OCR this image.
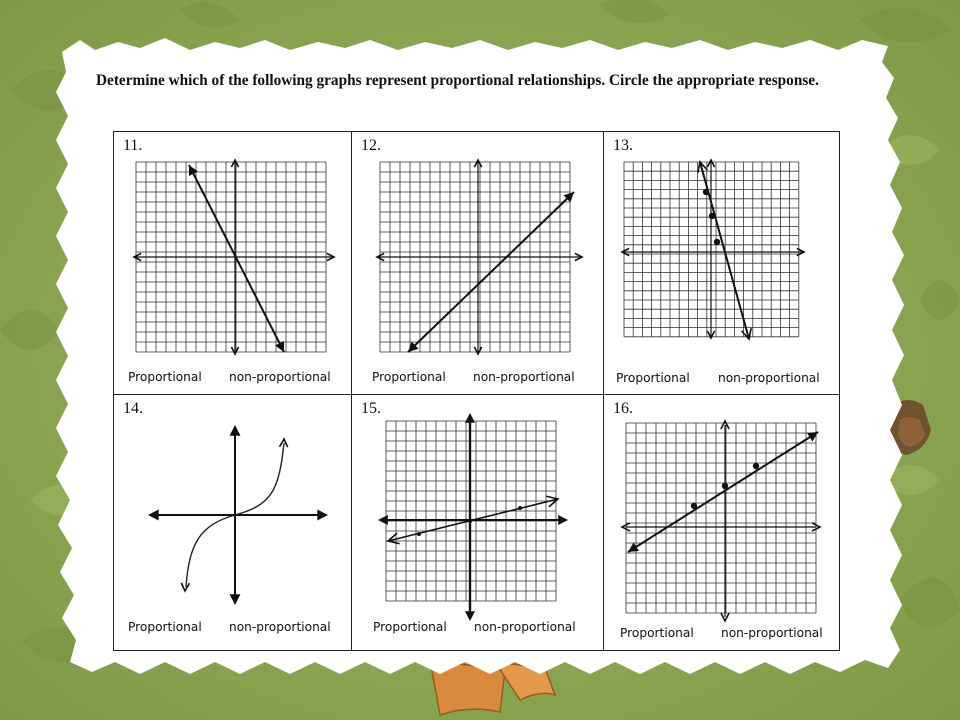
Determine which of the following graphs represent proportional relationships. Circle the appropriate response.
11.
Proportional non-proportional
12.
Proportional non-proportional
13.
Proportional non-proportional
14.
Proportional non-proportional
15.
Proportional non-proportional
16.
Proportional non-proportional
